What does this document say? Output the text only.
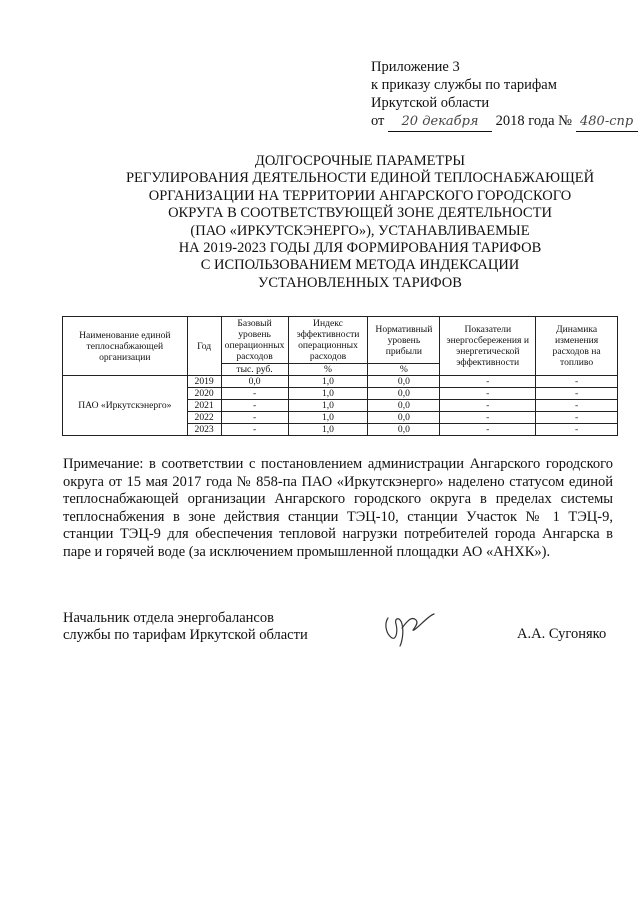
Приложение 3
к приказу службы по тарифам
Иркутской области
от 20 декабря 2018 года № 480-спр
ДОЛГОСРОЧНЫЕ ПАРАМЕТРЫ
РЕГУЛИРОВАНИЯ ДЕЯТЕЛЬНОСТИ ЕДИНОЙ ТЕПЛОСНАБЖАЮЩЕЙ
ОРГАНИЗАЦИИ НА ТЕРРИТОРИИ АНГАРСКОГО ГОРОДСКОГО
ОКРУГА В СООТВЕТСТВУЮЩЕЙ ЗОНЕ ДЕЯТЕЛЬНОСТИ
(ПАО «ИРКУТСКЭНЕРГО»), УСТАНАВЛИВАЕМЫЕ
НА 2019-2023 ГОДЫ ДЛЯ ФОРМИРОВАНИЯ ТАРИФОВ
С ИСПОЛЬЗОВАНИЕМ МЕТОДА ИНДЕКСАЦИИ
УСТАНОВЛЕННЫХ ТАРИФОВ
Наименование единой теплоснабжающей организации	Год	Базовый уровень операционных расходов	Индекс эффективности операционных расходов	Нормативный уровень прибыли	Показатели энергосбережения и энергетической эффективности	Динамика изменения расходов на топливо
		тыс. руб.	%	%		
ПАО «Иркутскэнерго»	2019	0,0	1,0	0,0	-	-
	2020	-	1,0	0,0	-	-
	2021	-	1,0	0,0	-	-
	2022	-	1,0	0,0	-	-
	2023	-	1,0	0,0	-	-
Примечание: в соответствии с постановлением администрации Ангарского городского округа от 15 мая 2017 года № 858-па ПАО «Иркутскэнерго» наделено статусом единой теплоснабжающей организации Ангарского городского округа в пределах системы теплоснабжения в зоне действия станции ТЭЦ-10, станции Участок № 1 ТЭЦ-9, станции ТЭЦ-9 для обеспечения тепловой нагрузки потребителей города Ангарска в паре и горячей воде (за исключением промышленной площадки АО «АНХК»).
Начальник отдела энергобалансов
службы по тарифам Иркутской области	А.А. Сугоняко
